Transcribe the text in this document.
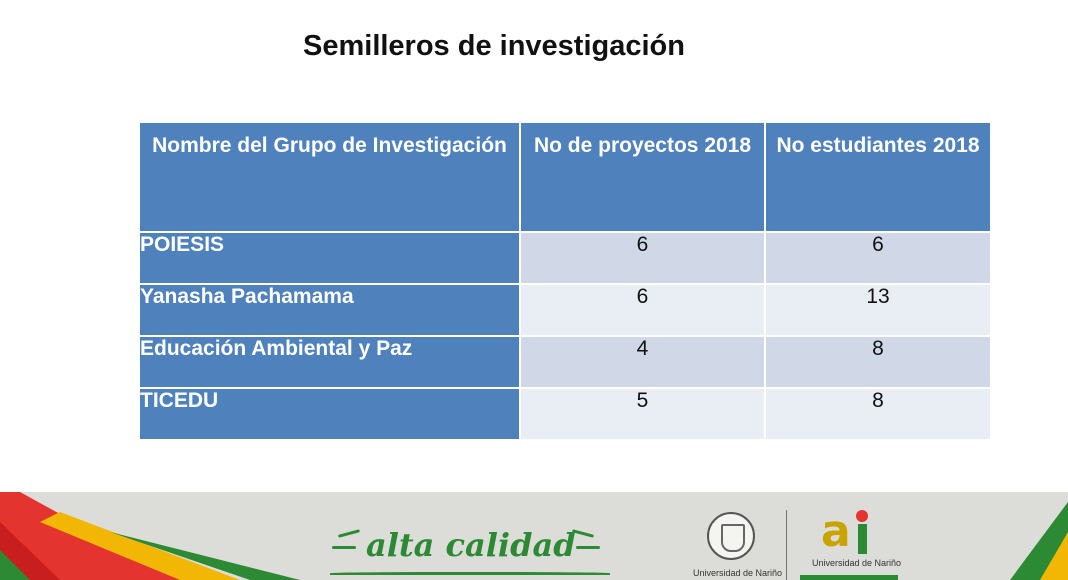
Semilleros de investigación
Nombre del Grupo de Investigación	No de proyectos 2018	No estudiantes 2018
POIESIS	6	6
Yanasha Pachamama	6	13
Educación Ambiental y Paz	4	8
TICEDU	5	8
alta calidad
Universidad de Nariño
a
Universidad de Nariño
